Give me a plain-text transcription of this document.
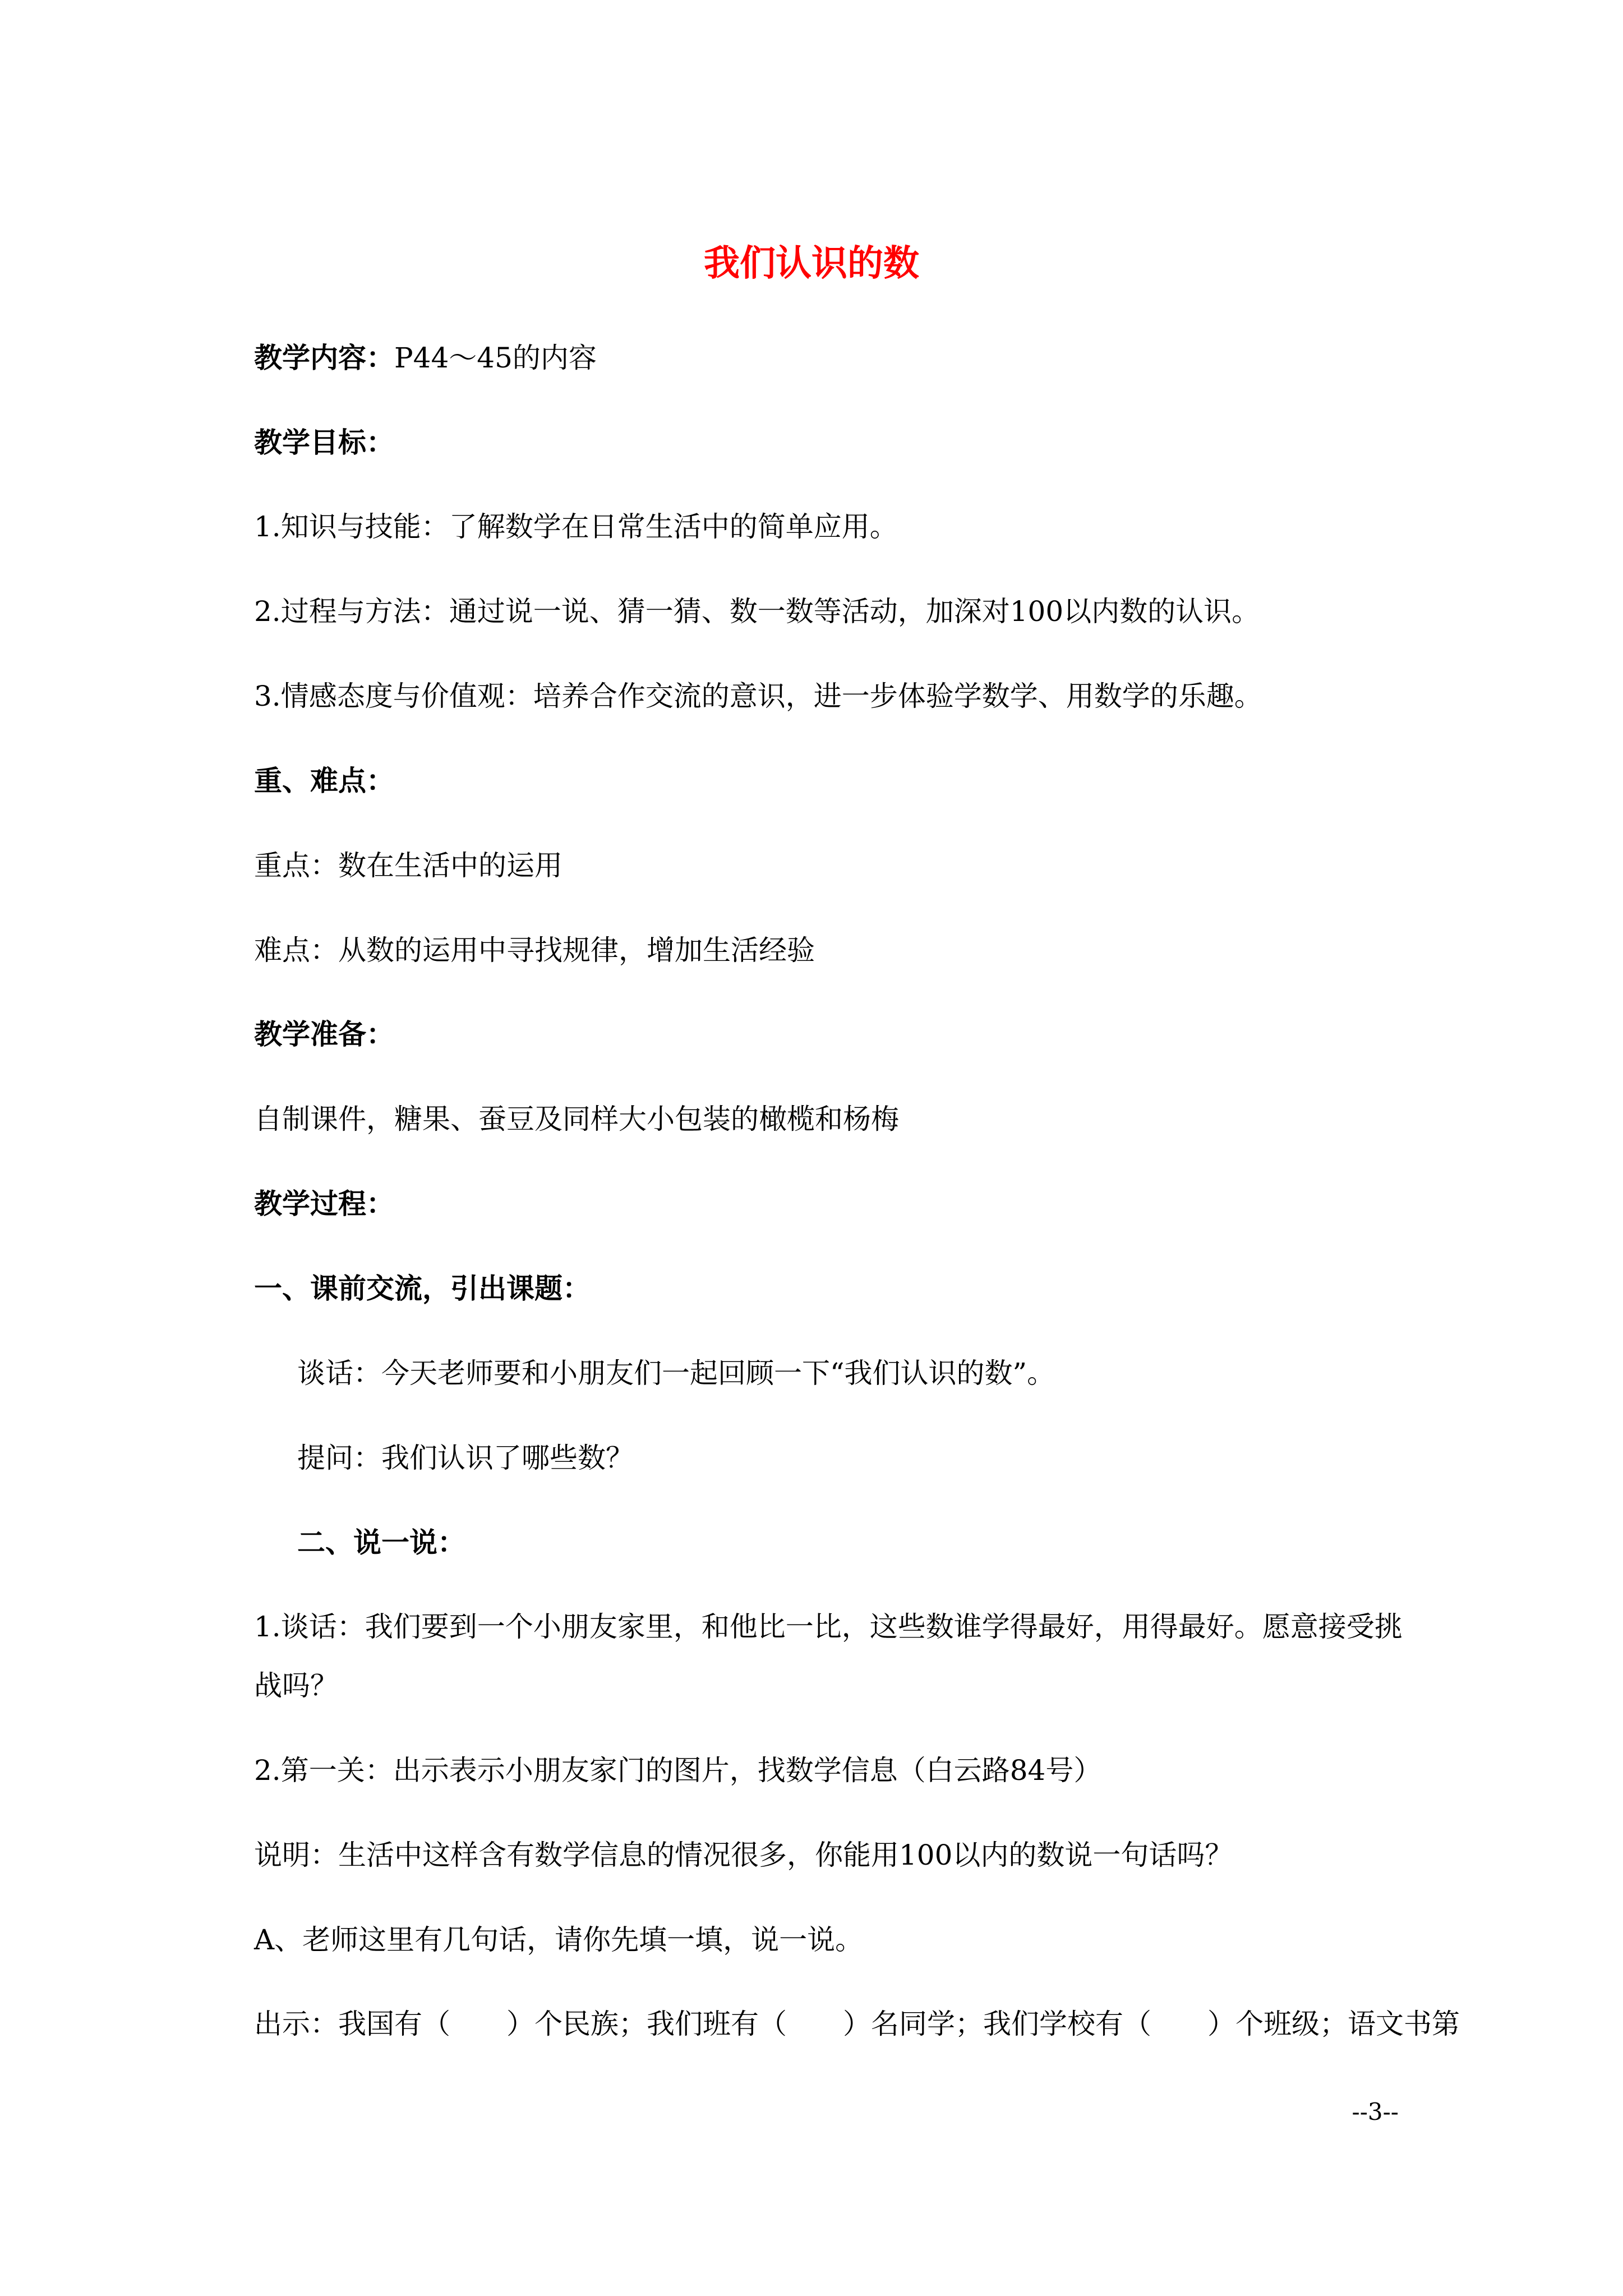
我们认识的数
教学内容：P44～45的内容
教学目标：
1.知识与技能：了解数学在日常生活中的简单应用。
2.过程与方法：通过说一说、猜一猜、数一数等活动，加深对100以内数的认识。
3.情感态度与价值观：培养合作交流的意识，进一步体验学数学、用数学的乐趣。
重、难点：
重点：数在生活中的运用
难点：从数的运用中寻找规律，增加生活经验
教学准备：
自制课件，糖果、蚕豆及同样大小包装的橄榄和杨梅
教学过程：
一、课前交流，引出课题：
谈话：今天老师要和小朋友们一起回顾一下“我们认识的数”。
提问：我们认识了哪些数？
二、说一说：
1.谈话：我们要到一个小朋友家里，和他比一比，这些数谁学得最好，用得最好。愿意接受挑
战吗？
2.第一关：出示表示小朋友家门的图片，找数学信息（白云路84号）
说明：生活中这样含有数学信息的情况很多，你能用100以内的数说一句话吗？
A、老师这里有几句话，请你先填一填，说一说。
出示：我国有（　　）个民族；我们班有（　　）名同学；我们学校有（　　）个班级；语文书第
--3--
